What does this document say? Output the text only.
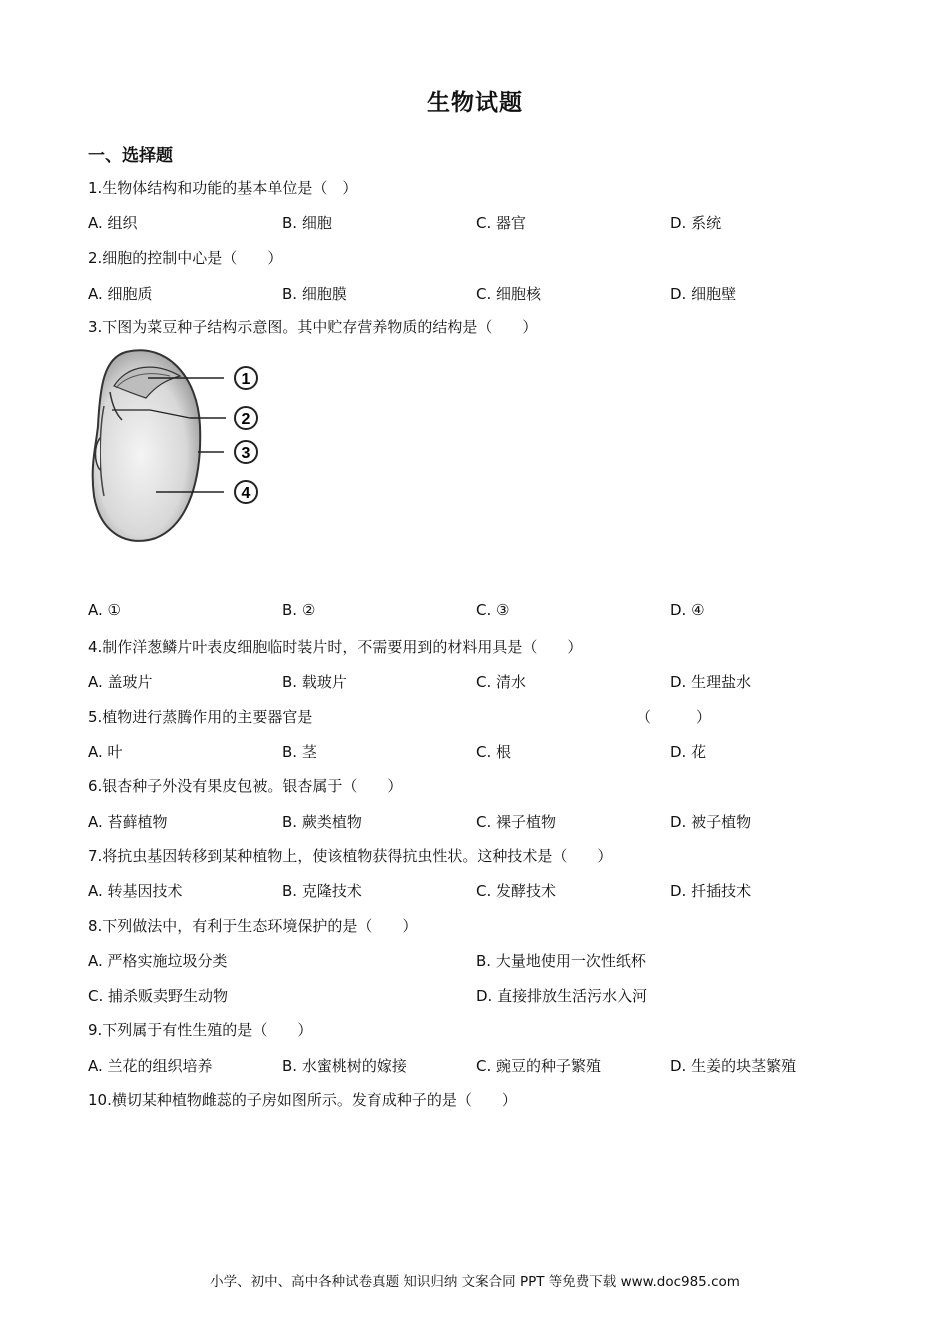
生物试题
一、选择题
1.生物体结构和功能的基本单位是（　）
A. 组织	B. 细胞	C. 器官	D. 系统
2.细胞的控制中心是（　　）
A. 细胞质	B. 细胞膜	C. 细胞核	D. 细胞壁
3.下图为菜豆种子结构示意图。其中贮存营养物质的结构是（　　）
1
2
3
4
A. ①	B. ②	C. ③	D. ④
4.制作洋葱鳞片叶表皮细胞临时装片时，不需要用到的材料用具是（　　）
A. 盖玻片	B. 载玻片	C. 清水	D. 生理盐水
5.植物进行蒸腾作用的主要器官是	（　　　）
A. 叶	B. 茎	C. 根	D. 花
6.银杏种子外没有果皮包被。银杏属于（　　）
A. 苔藓植物	B. 蕨类植物	C. 裸子植物	D. 被子植物
7.将抗虫基因转移到某种植物上，使该植物获得抗虫性状。这种技术是（　　）
A. 转基因技术	B. 克隆技术	C. 发酵技术	D. 扦插技术
8.下列做法中，有利于生态环境保护的是（　　）
A. 严格实施垃圾分类	B. 大量地使用一次性纸杯
C. 捕杀贩卖野生动物	D. 直接排放生活污水入河
9.下列属于有性生殖的是（　　）
A. 兰花的组织培养	B. 水蜜桃树的嫁接	C. 豌豆的种子繁殖	D. 生姜的块茎繁殖
10.横切某种植物雌蕊的子房如图所示。发育成种子的是（　　）
小学、初中、高中各种试卷真题 知识归纳 文案合同 PPT 等免费下载 www.doc985.com
